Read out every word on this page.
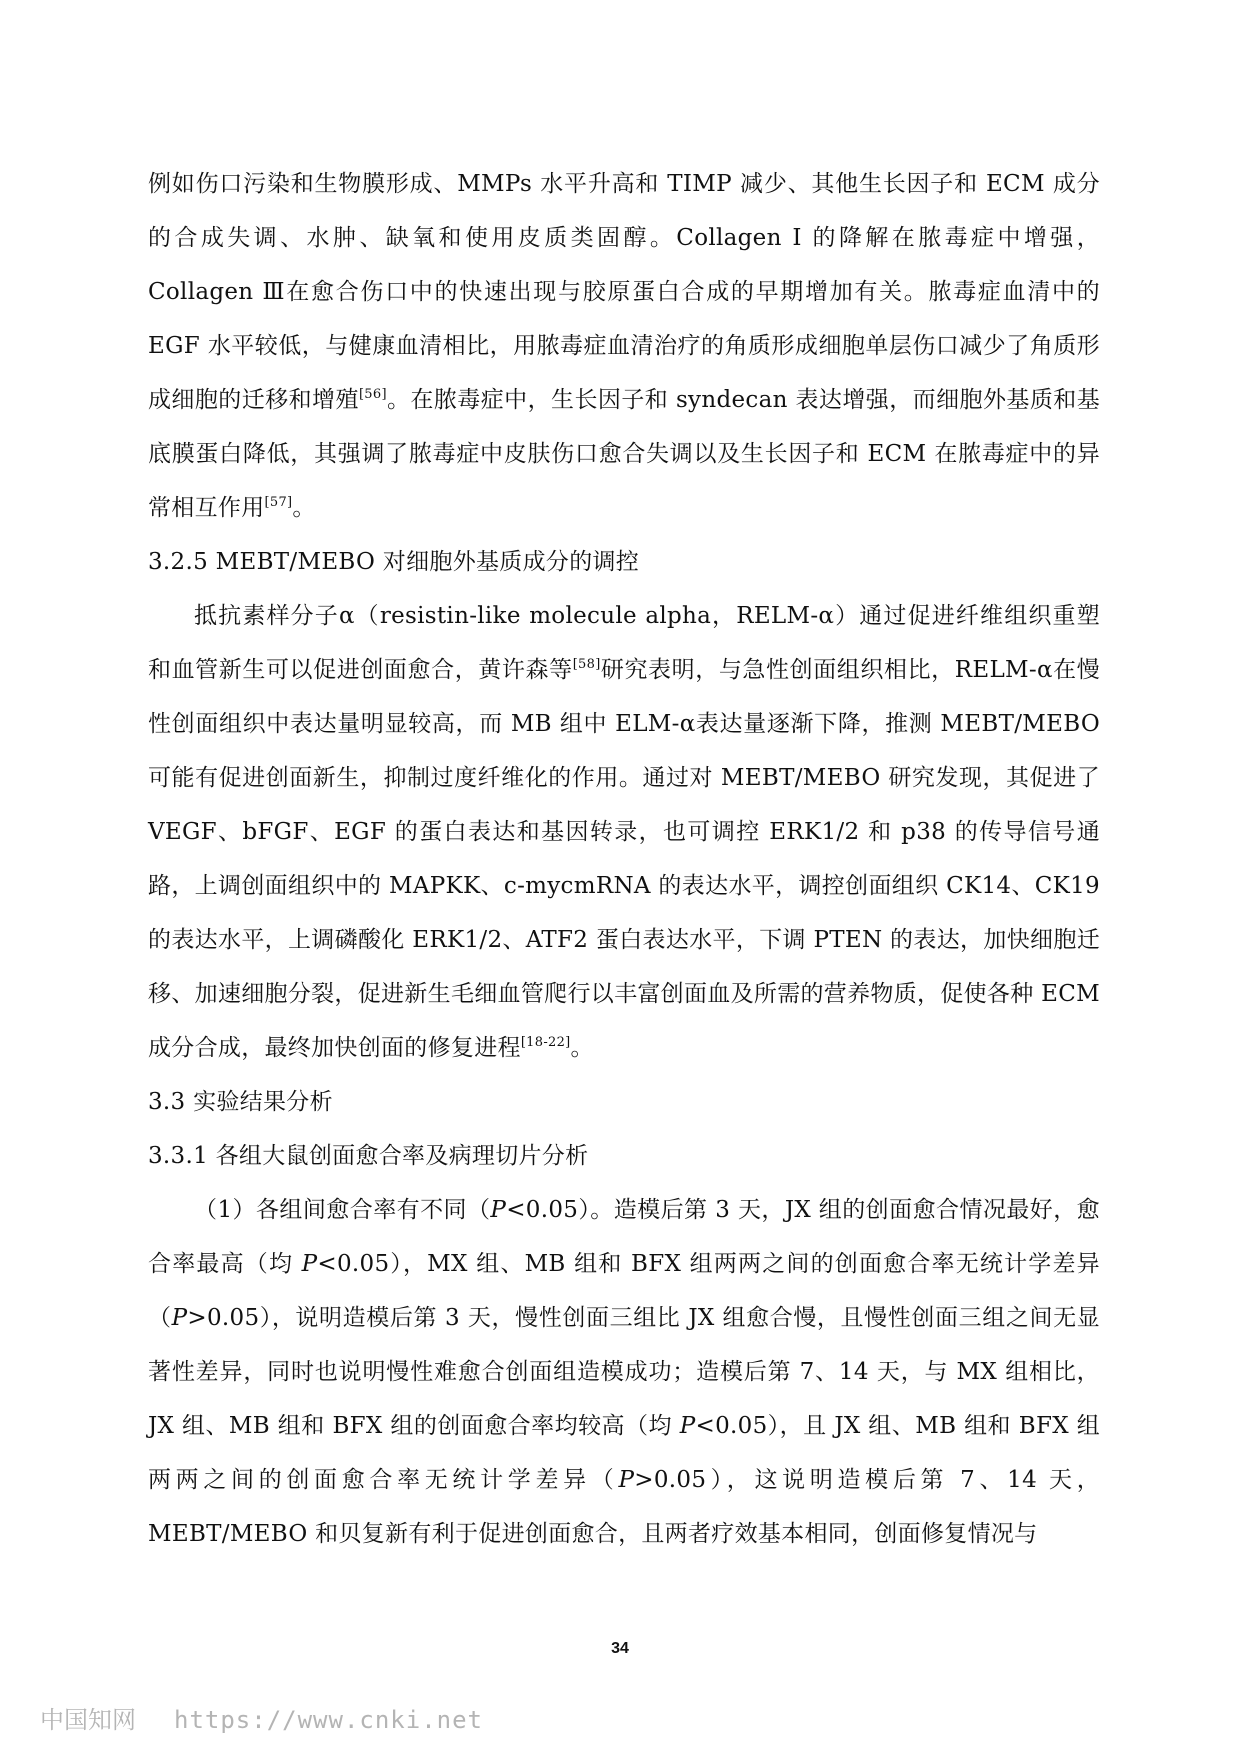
例如伤口污染和生物膜形成、MMPs 水平升高和 TIMP 减少、其他生长因子和 ECM 成分的合成失调、水肿、缺氧和使用皮质类固醇。Collagen I 的降解在脓毒症中增强，Collagen Ⅲ在愈合伤口中的快速出现与胶原蛋白合成的早期增加有关。脓毒症血清中的 EGF 水平较低，与健康血清相比，用脓毒症血清治疗的角质形成细胞单层伤口减少了角质形成细胞的迁移和增殖[56]。在脓毒症中，生长因子和 syndecan 表达增强，而细胞外基质和基底膜蛋白降低，其强调了脓毒症中皮肤伤口愈合失调以及生长因子和 ECM 在脓毒症中的异常相互作用[57]。

3.2.5 MEBT/MEBO 对细胞外基质成分的调控

抵抗素样分子α（resistin-like molecule alpha，RELM-α）通过促进纤维组织重塑和血管新生可以促进创面愈合，黄许森等[58]研究表明，与急性创面组织相比，RELM-α在慢性创面组织中表达量明显较高，而 MB 组中 ELM-α表达量逐渐下降，推测 MEBT/MEBO 可能有促进创面新生，抑制过度纤维化的作用。通过对 MEBT/MEBO 研究发现，其促进了 VEGF、bFGF、EGF 的蛋白表达和基因转录，也可调控 ERK1/2 和 p38 的传导信号通路，上调创面组织中的 MAPKK、c-mycmRNA 的表达水平，调控创面组织 CK14、CK19 的表达水平，上调磷酸化 ERK1/2、ATF2 蛋白表达水平，下调 PTEN 的表达，加快细胞迁移、加速细胞分裂，促进新生毛细血管爬行以丰富创面血及所需的营养物质，促使各种 ECM 成分合成，最终加快创面的修复进程[18-22]。

3.3 实验结果分析

3.3.1 各组大鼠创面愈合率及病理切片分析

（1）各组间愈合率有不同（P<0.05）。造模后第 3 天，JX 组的创面愈合情况最好，愈合率最高（均 P<0.05），MX 组、MB 组和 BFX 组两两之间的创面愈合率无统计学差异（P>0.05），说明造模后第 3 天，慢性创面三组比 JX 组愈合慢，且慢性创面三组之间无显著性差异，同时也说明慢性难愈合创面组造模成功；造模后第 7、14 天，与 MX 组相比，JX 组、MB 组和 BFX 组的创面愈合率均较高（均 P<0.05），且 JX 组、MB 组和 BFX 组两两之间的创面愈合率无统计学差异（P>0.05），这说明造模后第 7、14 天，MEBT/MEBO 和贝复新有利于促进创面愈合，且两者疗效基本相同，创面修复情况与

34
中国知网 https://www.cnki.net
